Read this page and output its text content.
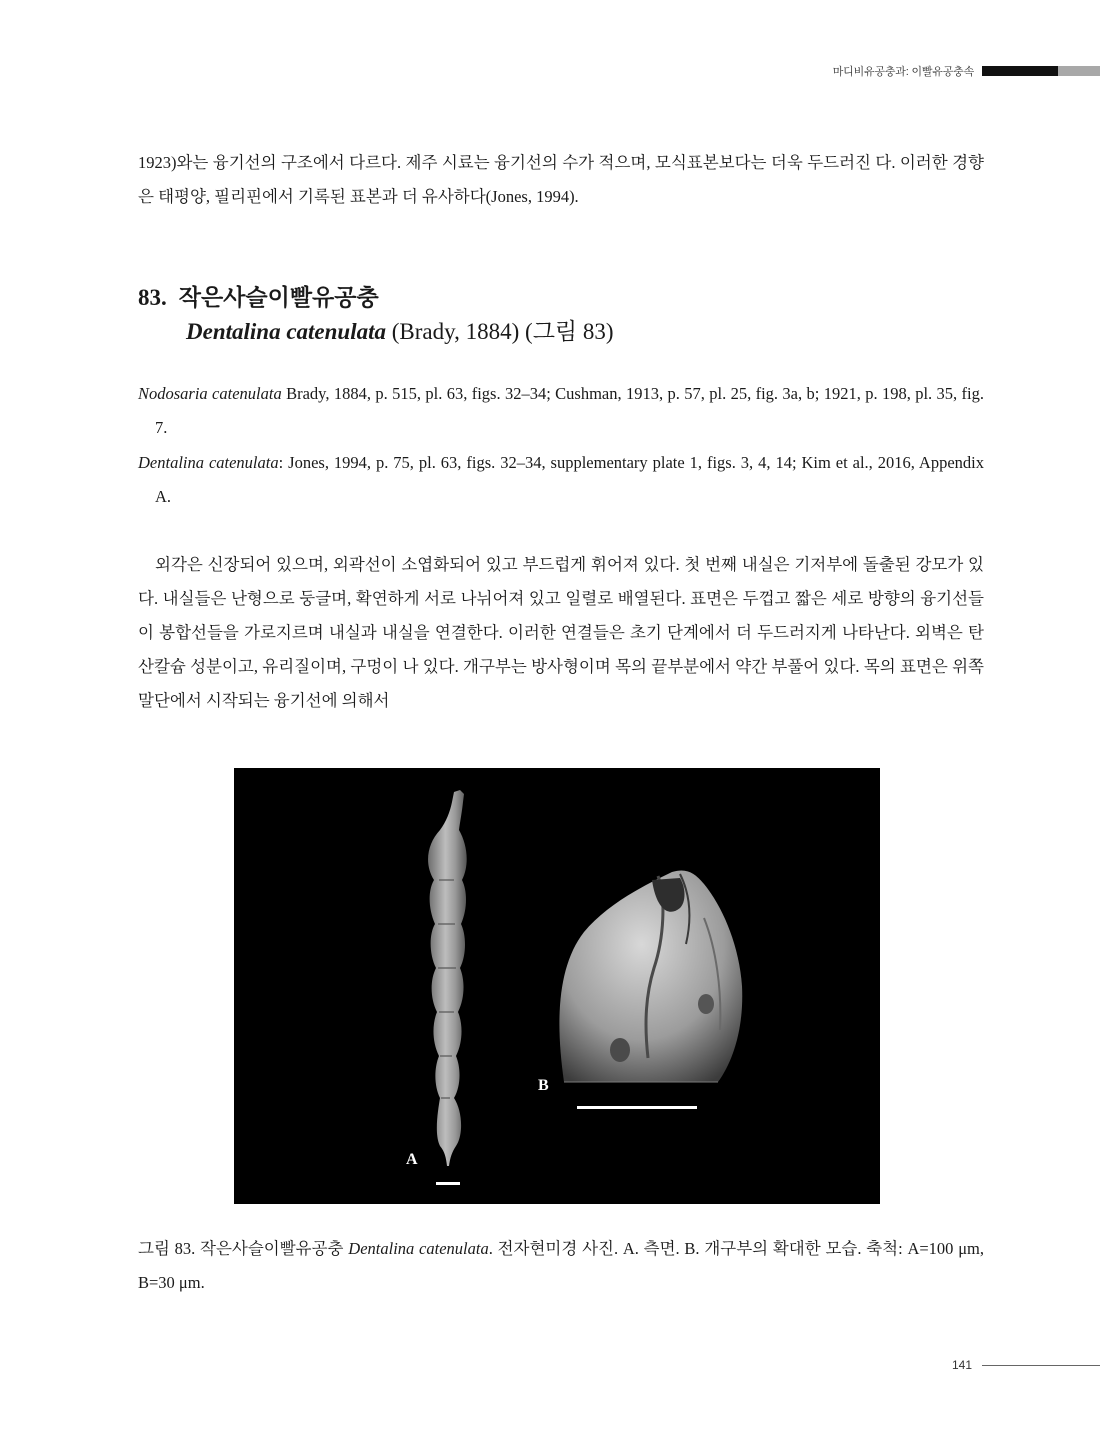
마디비유공충과: 이빨유공충속

1923)와는 융기선의 구조에서 다르다. 제주 시료는 융기선의 수가 적으며, 모식표본보다는 더욱 두드러진 다. 이러한 경향은 태평양, 필리핀에서 기록된 표본과 더 유사하다(Jones, 1994).

83. 작은사슬이빨유공충
Dentalina catenulata (Brady, 1884) (그림 83)

Nodosaria catenulata Brady, 1884, p. 515, pl. 63, figs. 32–34; Cushman, 1913, p. 57, pl. 25, fig. 3a, b; 1921, p. 198, pl. 35, fig. 7.

Dentalina catenulata: Jones, 1994, p. 75, pl. 63, figs. 32–34, supplementary plate 1, figs. 3, 4, 14; Kim et al., 2016, Appendix A.

외각은 신장되어 있으며, 외곽선이 소엽화되어 있고 부드럽게 휘어져 있다. 첫 번째 내실은 기저부에 돌출된 강모가 있다. 내실들은 난형으로 둥글며, 확연하게 서로 나뉘어져 있고 일렬로 배열된다. 표면은 두껍고 짧은 세로 방향의 융기선들이 봉합선들을 가로지르며 내실과 내실을 연결한다. 이러한 연결들은 초기 단계에서 더 두드러지게 나타난다. 외벽은 탄산칼슘 성분이고, 유리질이며, 구멍이 나 있다. 개구부는 방사형이며 목의 끝부분에서 약간 부풀어 있다. 목의 표면은 위쪽 말단에서 시작되는 융기선에 의해서

A
B

그림 83. 작은사슬이빨유공충 Dentalina catenulata. 전자현미경 사진. A. 측면. B. 개구부의 확대한 모습. 축척: A=100 μm, B=30 μm.

141
